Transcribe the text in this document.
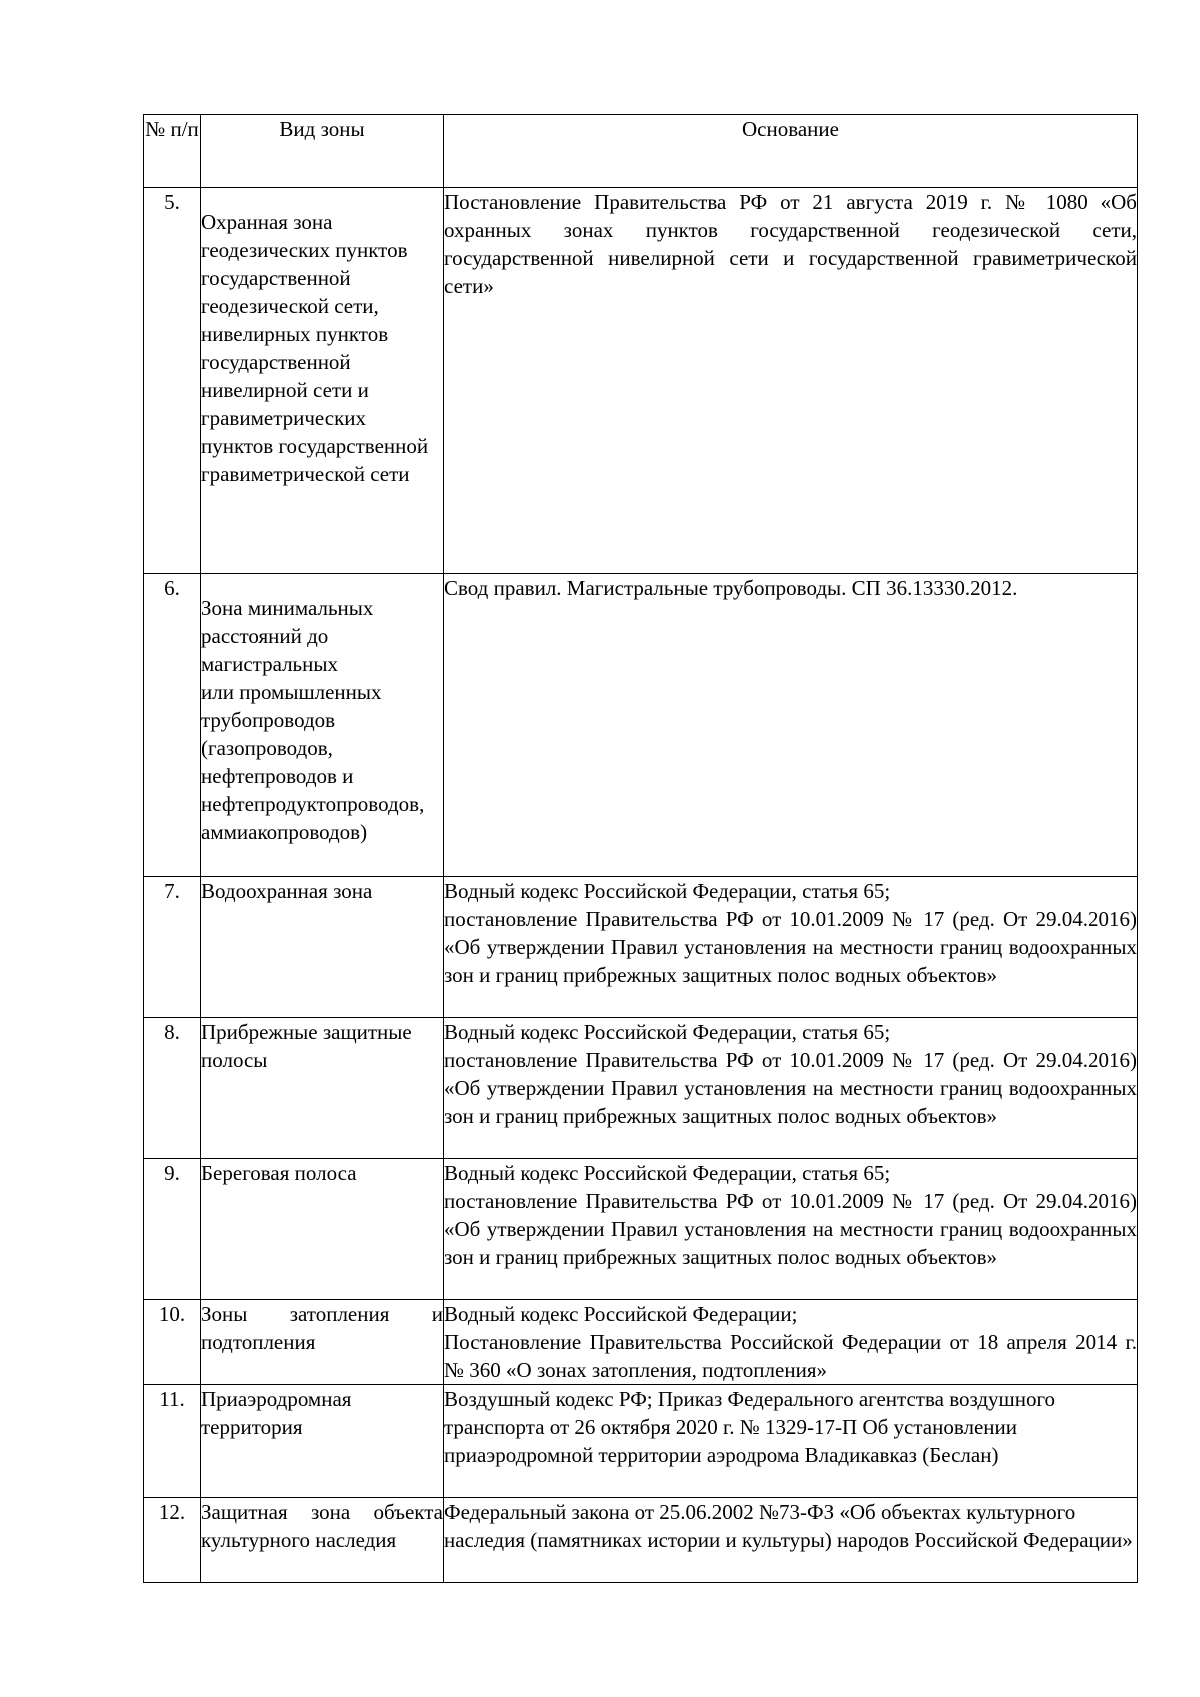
№ п/п	Вид зоны	Основание
5.	Охранная зона геодезических пунктов государственной геодезической сети, нивелирных пунктов государственной нивелирной сети и гравиметрических пунктов государственной гравиметрической сети	Постановление Правительства РФ от 21 августа 2019 г. № 1080 «Об охранных зонах пунктов государственной геодезической сети, государственной нивелирной сети и государственной гравиметрической сети»

6.	Зона минимальных расстояний до магистральных
или промышленных трубопроводов (газопроводов, нефтепроводов и нефтепродуктопроводов, аммиакопроводов)	Свод правил. Магистральные трубопроводы. СП 36.13330.2012.

7.	Водоохранная зона	Водный кодекс Российской Федерации, статья 65;
постановление Правительства РФ от 10.01.2009 № 17 (ред. От 29.04.2016) «Об утверждении Правил установления на местности границ водоохранных зон и границ прибрежных защитных полос водных объектов»

8.	Прибрежные защитные полосы	Водный кодекс Российской Федерации, статья 65;
постановление Правительства РФ от 10.01.2009 № 17 (ред. От 29.04.2016) «Об утверждении Правил установления на местности границ водоохранных зон и границ прибрежных защитных полос водных объектов»

9.	Береговая полоса	Водный кодекс Российской Федерации, статья 65;
постановление Правительства РФ от 10.01.2009 № 17 (ред. От 29.04.2016) «Об утверждении Правил установления на местности границ водоохранных зон и границ прибрежных защитных полос водных объектов»

10.	Зоны затопления и подтопления	Водный кодекс Российской Федерации;
Постановление Правительства Российской Федерации от 18 апреля 2014 г. № 360 «О зонах затопления, подтопления»

11.	Приаэродромная территория	Воздушный кодекс РФ; Приказ Федерального агентства воздушного транспорта от 26 октября 2020 г. № 1329-17-П Об установлении приаэродромной территории аэродрома Владикавказ (Беслан)

12.	Защитная зона объекта культурного наследия	Федеральный закона от 25.06.2002 №73-ФЗ «Об объектах культурного наследия (памятниках истории и культуры) народов Российской Федерации»
